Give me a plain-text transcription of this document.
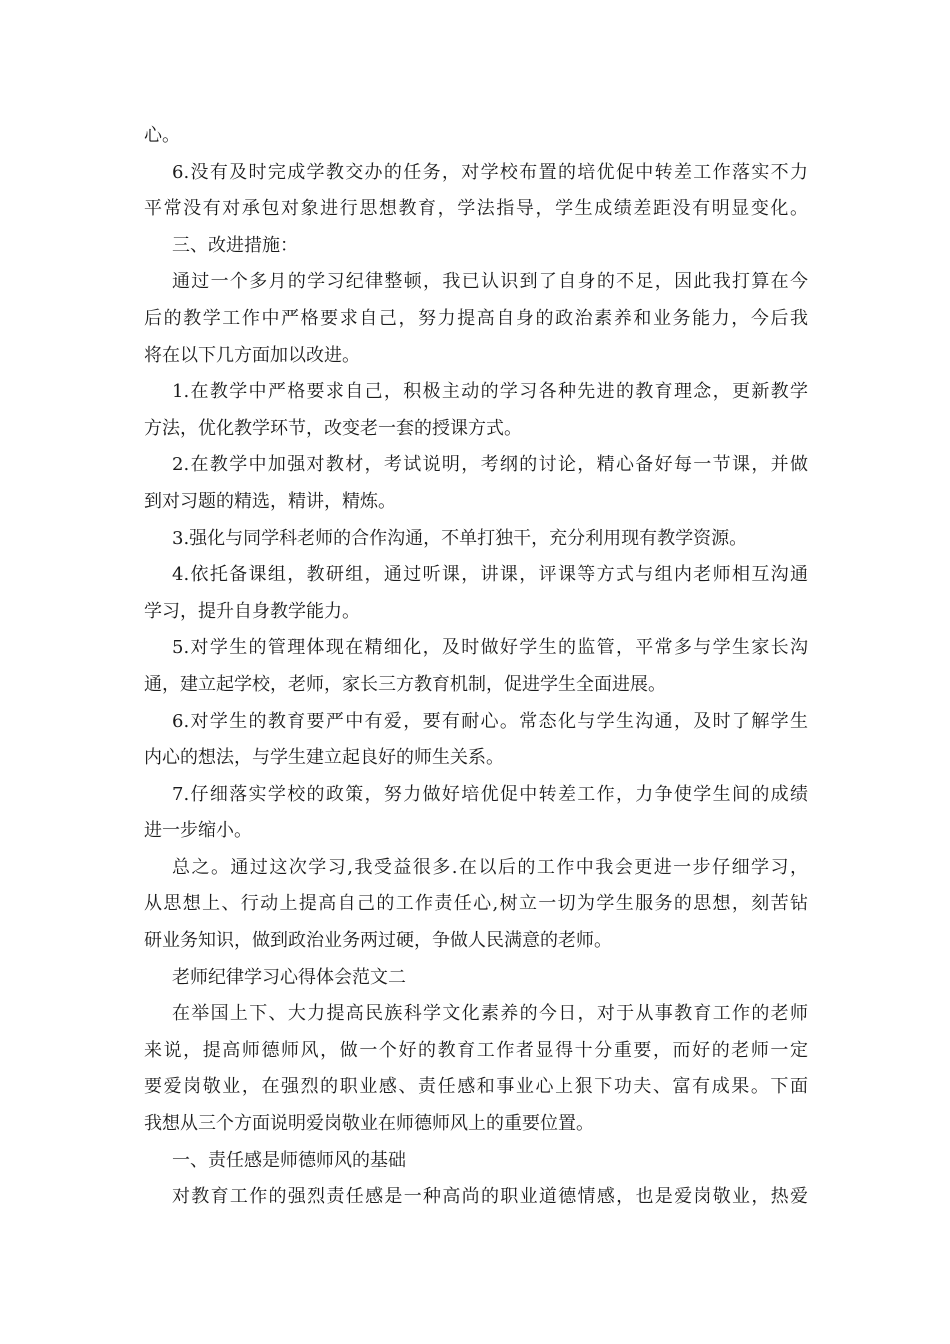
心。
6.没有及时完成学教交办的任务，对学校布置的培优促中转差工作落实不力
平常没有对承包对象进行思想教育，学法指导，学生成绩差距没有明显变化。
三、改进措施：
通过一个多月的学习纪律整顿，我已认识到了自身的不足，因此我打算在今
后的教学工作中严格要求自己，努力提高自身的政治素养和业务能力，今后我
将在以下几方面加以改进。
1.在教学中严格要求自己，积极主动的学习各种先进的教育理念，更新教学
方法，优化教学环节，改变老一套的授课方式。
2.在教学中加强对教材，考试说明，考纲的讨论，精心备好每一节课，并做
到对习题的精选，精讲，精炼。
3.强化与同学科老师的合作沟通，不单打独干，充分利用现有教学资源。
4.依托备课组，教研组，通过听课，讲课，评课等方式与组内老师相互沟通
学习，提升自身教学能力。
5.对学生的管理体现在精细化，及时做好学生的监管，平常多与学生家长沟
通，建立起学校，老师，家长三方教育机制，促进学生全面进展。
6.对学生的教育要严中有爱，要有耐心。常态化与学生沟通，及时了解学生
内心的想法，与学生建立起良好的师生关系。
7.仔细落实学校的政策，努力做好培优促中转差工作，力争使学生间的成绩
进一步缩小。
总之。通过这次学习,我受益很多.在以后的工作中我会更进一步仔细学习，
从思想上、行动上提高自己的工作责任心,树立一切为学生服务的思想，刻苦钻
研业务知识，做到政治业务两过硬，争做人民满意的老师。
老师纪律学习心得体会范文二
在举国上下、大力提高民族科学文化素养的今日，对于从事教育工作的老师
来说，提高师德师风，做一个好的教育工作者显得十分重要，而好的老师一定
要爱岗敬业，在强烈的职业感、责任感和事业心上狠下功夫、富有成果。下面
我想从三个方面说明爱岗敬业在师德师风上的重要位置。
一、责任感是师德师风的基础
对教育工作的强烈责任感是一种高尚的职业道德情感，也是爱岗敬业，热爱
